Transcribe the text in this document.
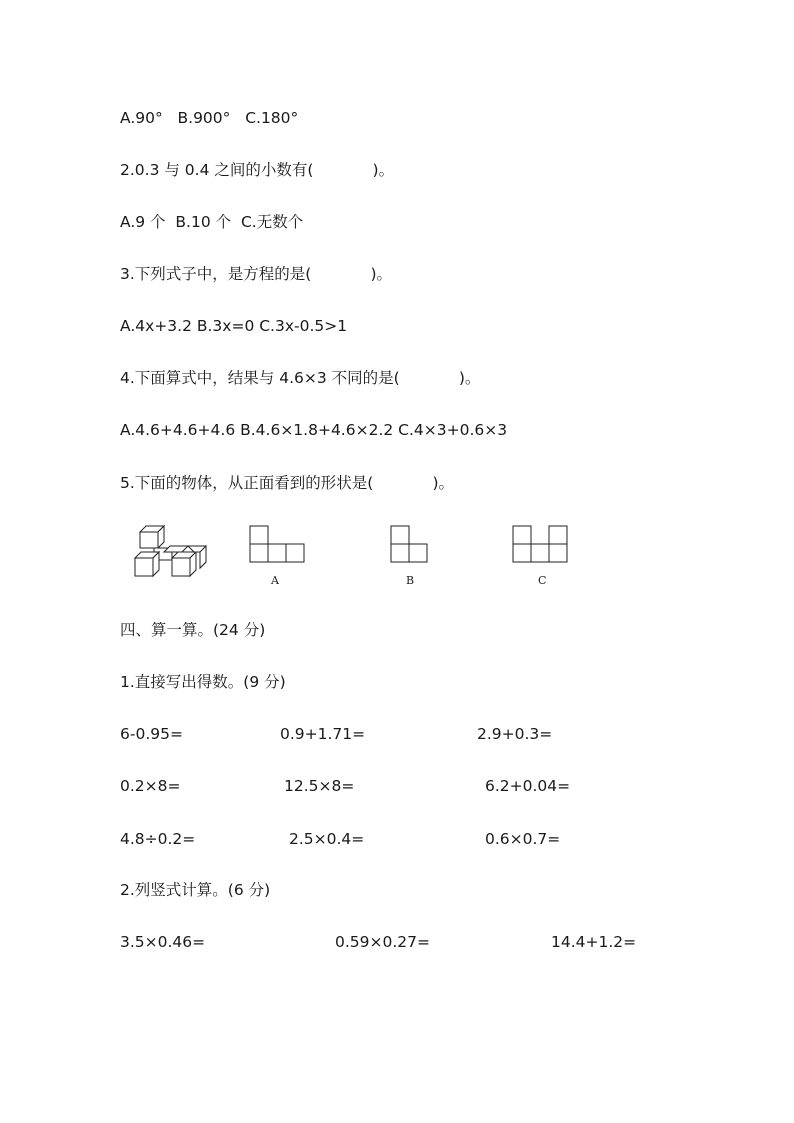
A.90°   B.900°   C.180°
2.0.3 与 0.4 之间的小数有(            )。
A.9 个  B.10 个  C.无数个
3.下列式子中，是方程的是(            )。
A.4x+3.2 B.3x=0 C.3x-0.5>1
4.下面算式中，结果与 4.6×3 不同的是(            )。
A.4.6+4.6+4.6 B.4.6×1.8+4.6×2.2 C.4×3+0.6×3
5.下面的物体，从正面看到的形状是(            )。
A	B	C
四、算一算。(24 分)
1.直接写出得数。(9 分)
6-0.95=	0.9+1.71=	2.9+0.3=
0.2×8=	12.5×8=	6.2+0.04=
4.8÷0.2=	2.5×0.4=	0.6×0.7=
2.列竖式计算。(6 分)
3.5×0.46=	0.59×0.27=	14.4+1.2=
